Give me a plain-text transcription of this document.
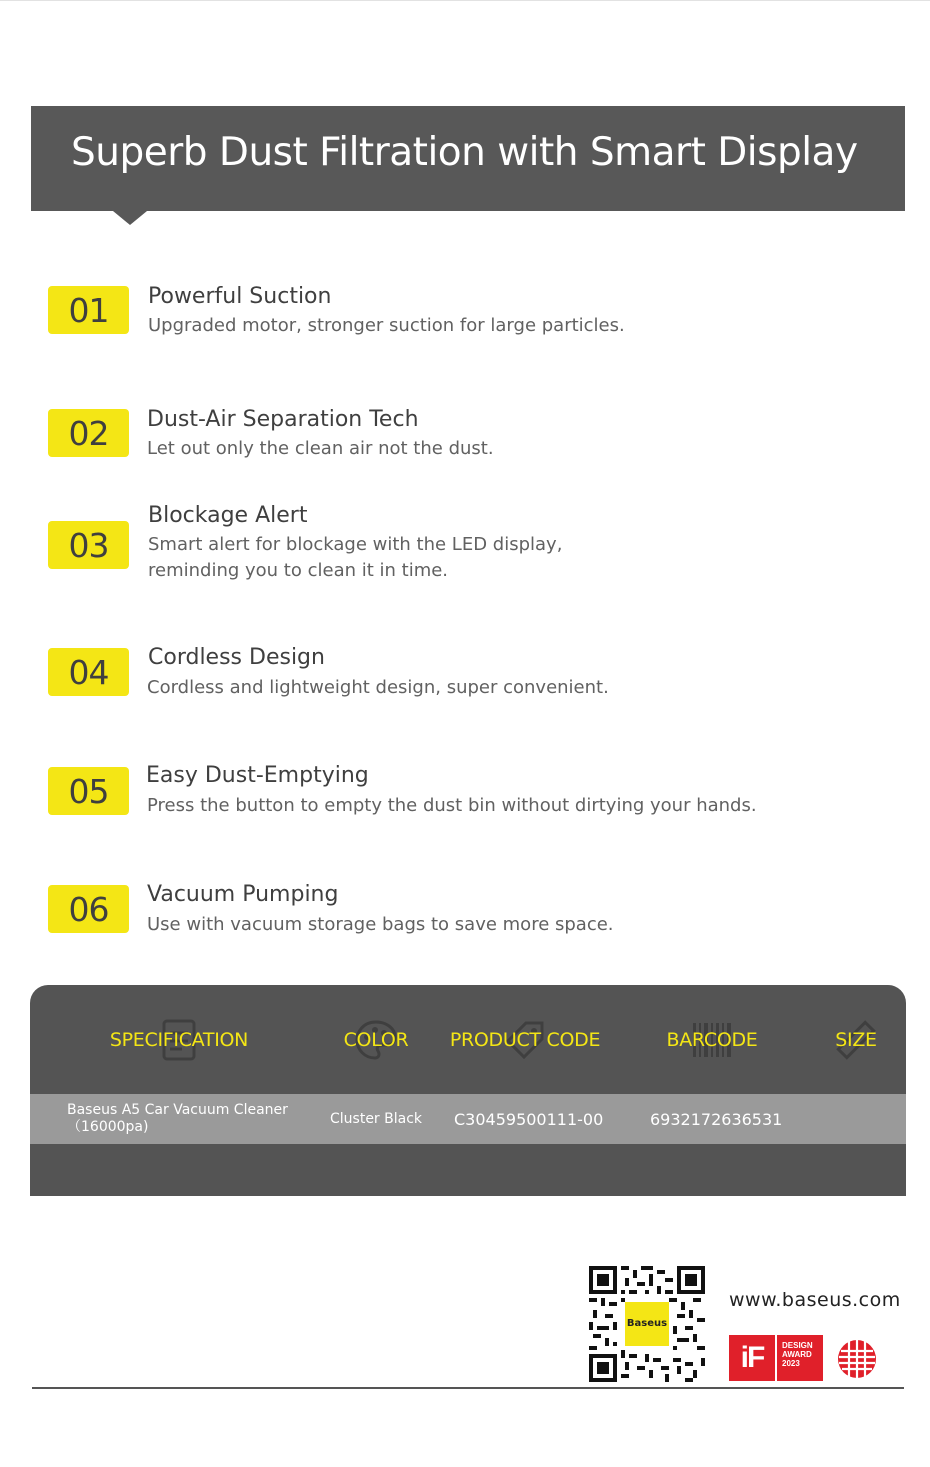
Superb Dust Filtration with Smart Display
01	Powerful Suction
Upgraded motor, stronger suction for large particles.
02	Dust-Air Separation Tech
Let out only the clean air not the dust.
03
Blockage Alert
Smart alert for blockage with the LED display,
reminding you to clean it in time.
04	Cordless Design
Cordless and lightweight design, super convenient.
05	Easy Dust-Emptying
Press the button to empty the dust bin without dirtying your hands.
06	Vacuum Pumping
Use with vacuum storage bags to save more space.
SPECIFICATION	COLOR PRODUCT CODE	BARCODE	SIZE
Baseus A5 Car Vacuum Cleaner
（16000pa)	Cluster Black C30459500111-00	6932172636531
Baseus
www.baseus.com
iF	DESIGN
AWARD
2023
